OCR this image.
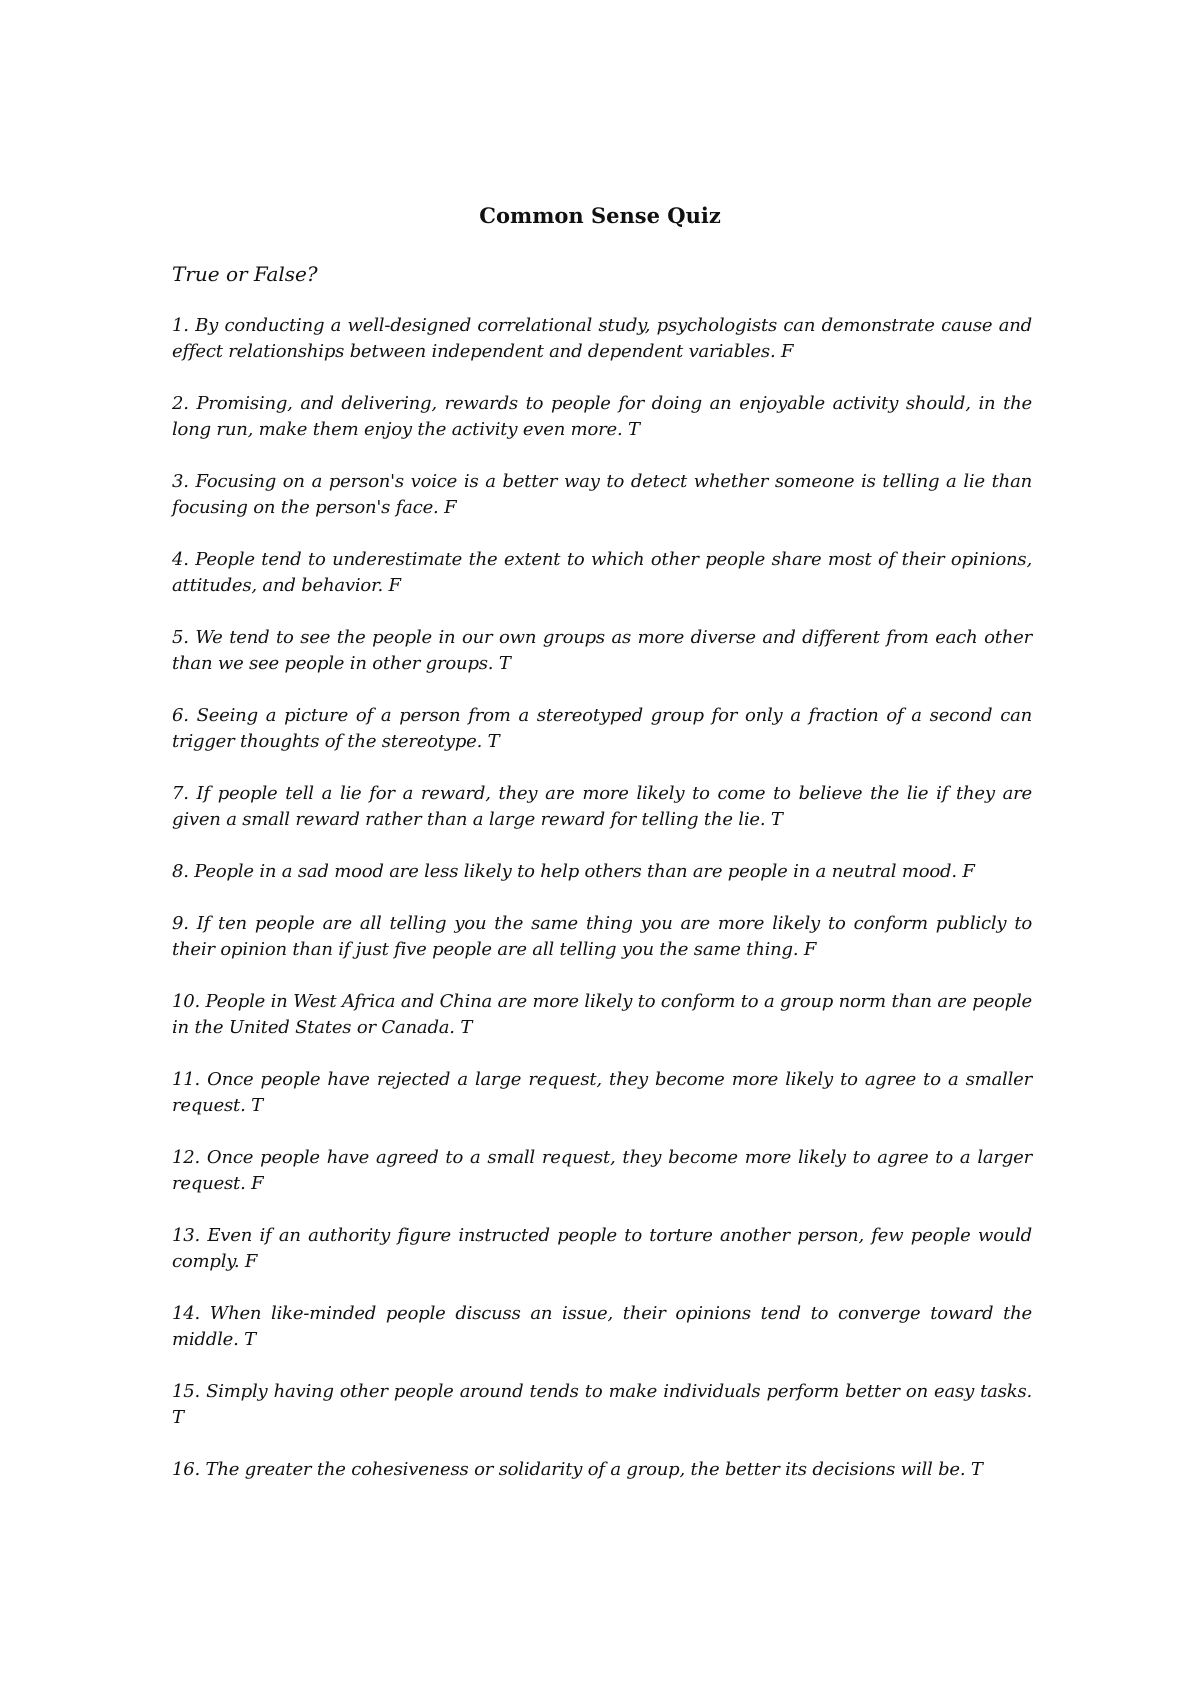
Common Sense Quiz
True or False?
1. By conducting a well-designed correlational study, psychologists can demonstrate cause and effect relationships between independent and dependent variables. F
2. Promising, and delivering, rewards to people for doing an enjoyable activity should, in the long run, make them enjoy the activity even more. T
3. Focusing on a person's voice is a better way to detect whether someone is telling a lie than focusing on the person's face. F
4. People tend to underestimate the extent to which other people share most of their opinions, attitudes, and behavior. F
5. We tend to see the people in our own groups as more diverse and different from each other than we see people in other groups. T
6. Seeing a picture of a person from a stereotyped group for only a fraction of a second can trigger thoughts of the stereotype. T
7. If people tell a lie for a reward, they are more likely to come to believe the lie if they are given a small reward rather than a large reward for telling the lie. T
8. People in a sad mood are less likely to help others than are people in a neutral mood. F
9. If ten people are all telling you the same thing you are more likely to conform publicly to their opinion than if just five people are all telling you the same thing. F
10. People in West Africa and China are more likely to conform to a group norm than are people in the United States or Canada. T
11. Once people have rejected a large request, they become more likely to agree to a smaller request. T
12. Once people have agreed to a small request, they become more likely to agree to a larger request. F
13. Even if an authority figure instructed people to torture another person, few people would comply. F
14. When like-minded people discuss an issue, their opinions tend to converge toward the middle. T
15. Simply having other people around tends to make individuals perform better on easy tasks. T
16. The greater the cohesiveness or solidarity of a group, the better its decisions will be. T
